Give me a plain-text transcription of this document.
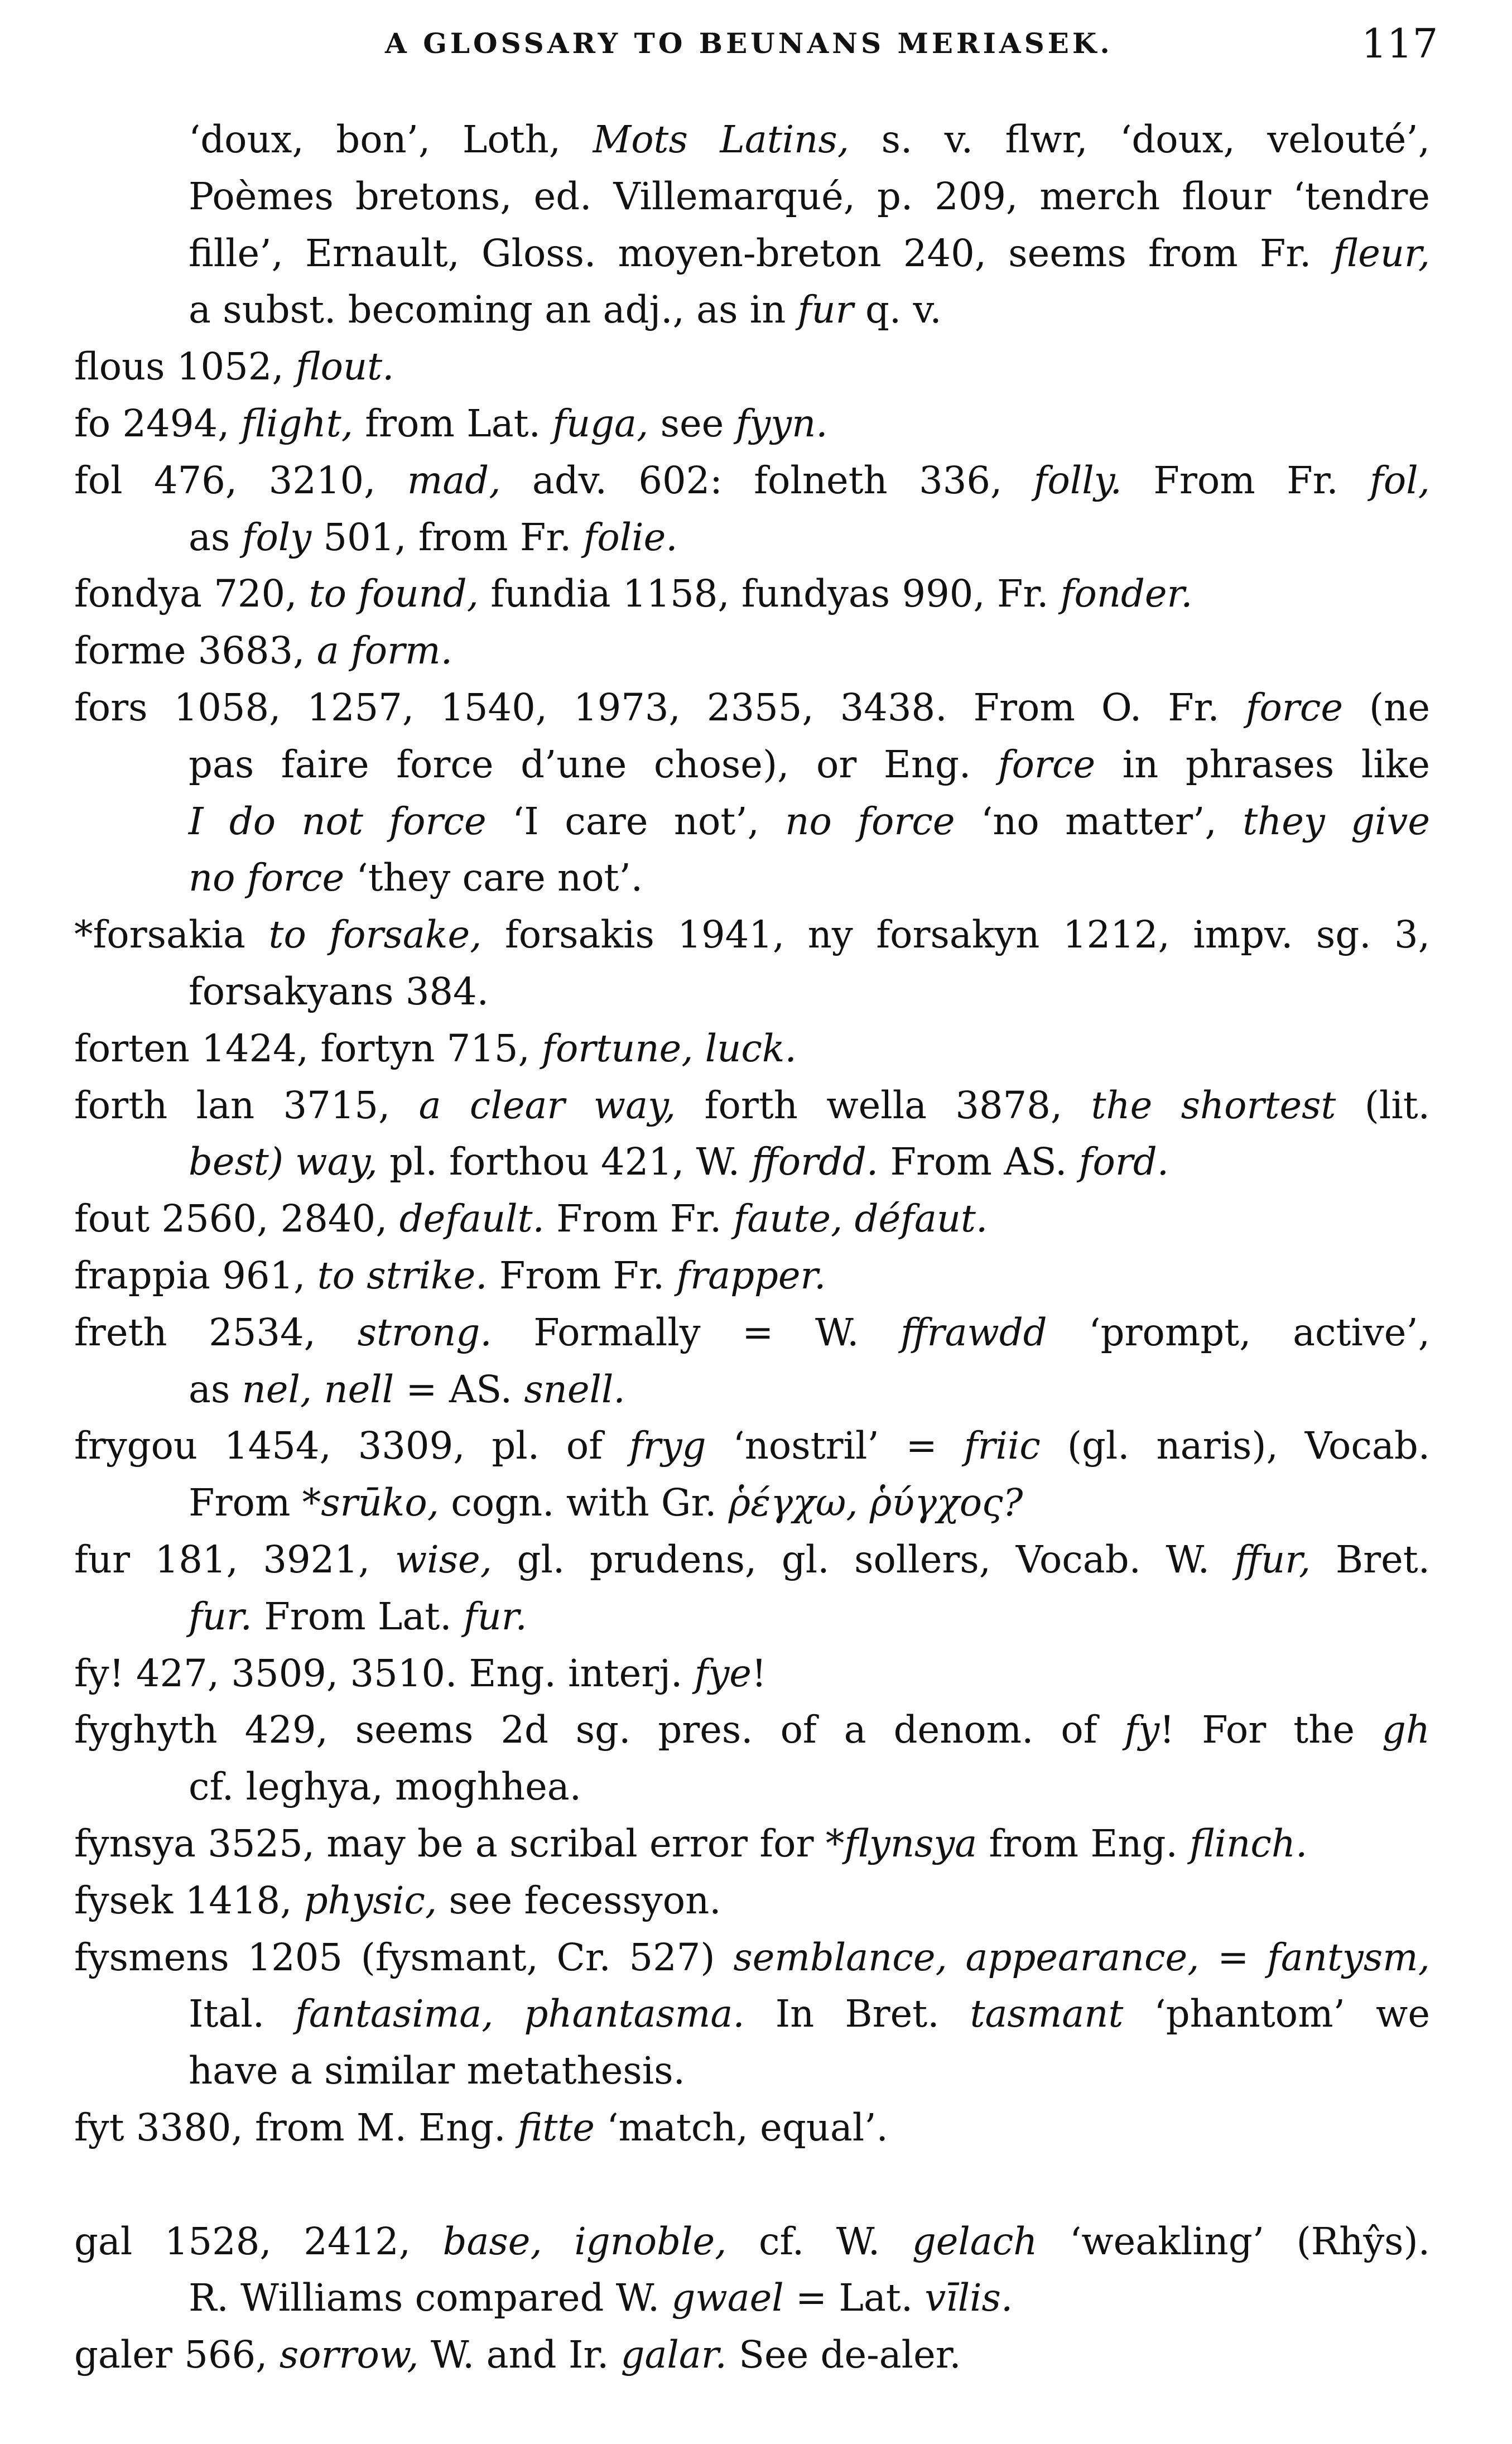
A GLOSSARY TO BEUNANS MERIASEK.	117
‘doux, bon’, Loth, Mots Latins, s. v. flwr, ‘doux, velouté’,
Poèmes bretons, ed. Villemarqué, p. 209, merch flour ‘tendre
fille’, Ernault, Gloss. moyen-breton 240, seems from Fr. fleur,
a subst. becoming an adj., as in fur q. v.
flous 1052, flout.
fo 2494, flight, from Lat. fuga, see fyyn.
fol 476, 3210, mad, adv. 602: folneth 336, folly. From Fr. fol,
as foly 501, from Fr. folie.
fondya 720, to found, fundia 1158, fundyas 990, Fr. fonder.
forme 3683, a form.
fors 1058, 1257, 1540, 1973, 2355, 3438. From O. Fr. force (ne
pas faire force d’une chose), or Eng. force in phrases like
I do not force ‘I care not’, no force ‘no matter’, they give
no force ‘they care not’.
*forsakia to forsake, forsakis 1941, ny forsakyn 1212, impv. sg. 3,
forsakyans 384.
forten 1424, fortyn 715, fortune, luck.
forth lan 3715, a clear way, forth wella 3878, the shortest (lit.
best) way, pl. forthou 421, W. ffordd. From AS. ford.
fout 2560, 2840, default. From Fr. faute, défaut.
frappia 961, to strike. From Fr. frapper.
freth 2534, strong. Formally = W. ffrawdd ‘prompt, active’,
as nel, nell = AS. snell.
frygou 1454, 3309, pl. of fryg ‘nostril’ = friic (gl. naris), Vocab.
From *srūko, cogn. with Gr. ῥέγχω, ῥύγχος?
fur 181, 3921, wise, gl. prudens, gl. sollers, Vocab. W. ffur, Bret.
fur. From Lat. fur.
fy! 427, 3509, 3510. Eng. interj. fye!
fyghyth 429, seems 2d sg. pres. of a denom. of fy! For the gh
cf. leghya, moghhea.
fynsya 3525, may be a scribal error for *flynsya from Eng. flinch.
fysek 1418, physic, see fecessyon.
fysmens 1205 (fysmant, Cr. 527) semblance, appearance, = fantysm,
Ital. fantasima, phantasma. In Bret. tasmant ‘phantom’ we
have a similar metathesis.
fyt 3380, from M. Eng. fitte ‘match, equal’.
gal 1528, 2412, base, ignoble, cf. W. gelach ‘weakling’ (Rhŷs).
R. Williams compared W. gwael = Lat. vīlis.
galer 566, sorrow, W. and Ir. galar. See de-aler.
